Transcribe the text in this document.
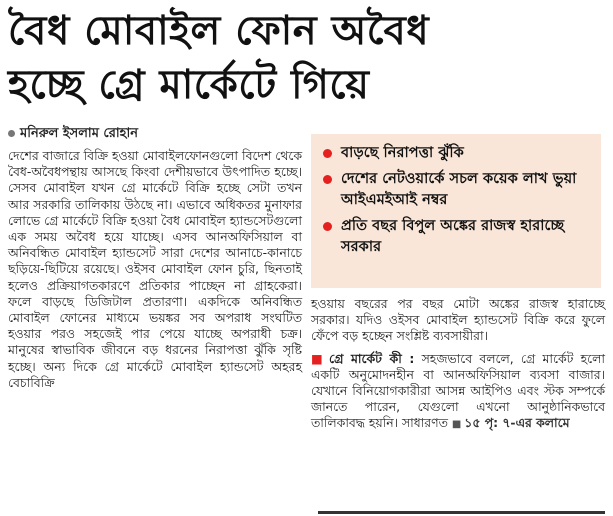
বৈধ মোবাইল ফোন অবৈধ
হচ্ছে গ্রে মার্কেটে গিয়ে
মনিরুল ইসলাম রোহান
বাড়ছে নিরাপত্তা ঝুঁকি
দেশের নেটওয়ার্কে সচল কয়েক লাখ ভুয়া আইএমইআই নম্বর
প্রতি বছর বিপুল অঙ্কের রাজস্ব হারাচ্ছে সরকার
দেশের বাজারে বিক্রি হওয়া মোবাইলফোনগুলো বিদেশ থেকে বৈধ-অবৈধপন্থায় আসছে কিংবা দেশীয়ভাবে উৎপাদিত হচ্ছে। সেসব মোবাইল যখন গ্রে মার্কেটে বিক্রি হচ্ছে সেটা তখন আর সরকারি তালিকায় উঠছে না। এভাবে অধিকতর মুনাফার লোভে গ্রে মার্কেটে বিক্রি হওয়া বৈধ মোবাইল হ্যান্ডসেটগুলো এক সময় অবৈধ হয়ে যাচ্ছে। এসব আনঅফিসিয়াল বা অনিবন্ধিত মোবাইল হ্যান্ডসেট সারা দেশের আনাচে-কানাচে ছড়িয়ে-ছিটিয়ে রয়েছে। ওইসব মোবাইল ফোন চুরি, ছিনতাই হলেও প্রক্রিয়াগতকারণে প্রতিকার পাচ্ছেন না গ্রাহকেরা। ফলে বাড়ছে ডিজিটাল প্রতারণা। একদিকে অনিবন্ধিত মোবাইল ফোনের মাধ্যমে ভয়ঙ্কর সব অপরাধ সংঘটিত হওয়ার পরও সহজেই পার পেয়ে যাচ্ছে অপরাধী চক্র। মানুষের স্বাভাবিক জীবনে বড় ধরনের নিরাপত্তা ঝুঁকি সৃষ্টি হচ্ছে। অন্য দিকে গ্রে মার্কেটে মোবাইল হ্যান্ডসেট অহরহ বেচাবিক্রি

হওয়ায় বছরের পর বছর মোটা অঙ্কের রাজস্ব হারাচ্ছে সরকার। যদিও ওইসব মোবাইল হ্যান্ডসেট বিক্রি করে ফুলে ফেঁপে বড় হচ্ছেন সংশ্লিষ্ট ব্যবসায়ীরা।

■ গ্রে মার্কেট কী : সহজভাবে বললে, গ্রে মার্কেট হলো একটি অনুমোদনহীন বা আনঅফিসিয়াল ব্যবসা বাজার। যেখানে বিনিয়োগকারীরা আসন্ন আইপিও এবং স্টক সম্পর্কে জানতে পারেন, যেগুলো এখনো আনুষ্ঠানিকভাবে তালিকাবদ্ধ হয়নি। সাধারণত ■ ১৫ পৃ: ৭-এর কলামে
